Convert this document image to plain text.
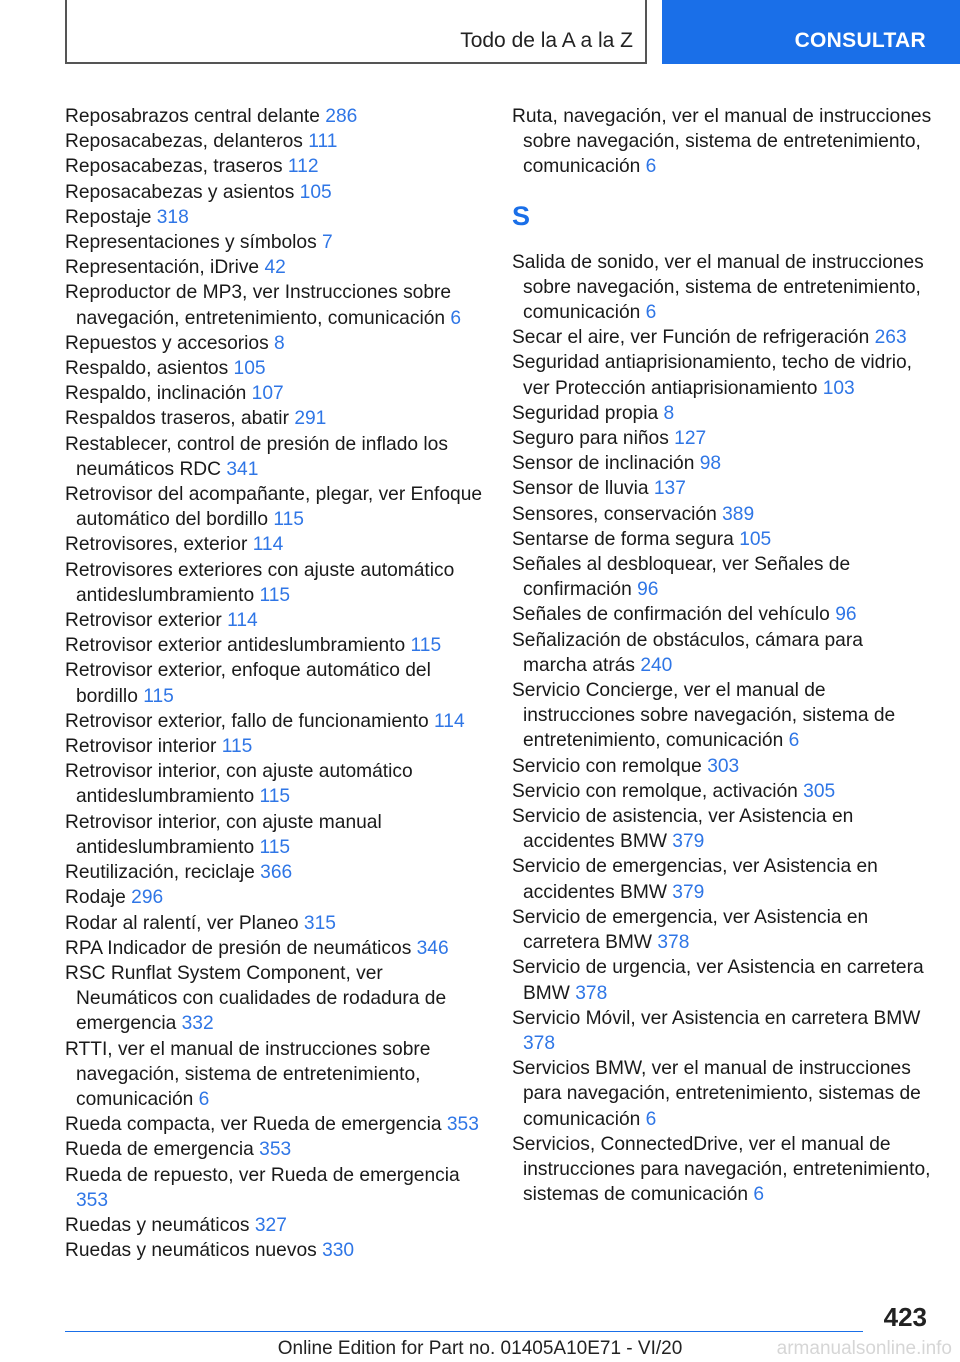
Todo de la A a la Z	CONSULTAR
Reposabrazos central delante 286
Reposacabezas, delanteros 111
Reposacabezas, traseros 112
Reposacabezas y asientos 105
Repostaje 318
Representaciones y símbolos 7
Representación, iDrive 42
Reproductor de MP3, ver Instrucciones sobre navegación, entretenimiento, comunicación 6
Repuestos y accesorios 8
Respaldo, asientos 105
Respaldo, inclinación 107
Respaldos traseros, abatir 291
Restablecer, control de presión de inflado los neumáticos RDC 341
Retrovisor del acompañante, plegar, ver Enfoque automático del bordillo 115
Retrovisores, exterior 114
Retrovisores exteriores con ajuste automático antideslumbramiento 115
Retrovisor exterior 114
Retrovisor exterior antideslumbramiento 115
Retrovisor exterior, enfoque automático del bordillo 115
Retrovisor exterior, fallo de funcionamiento 114
Retrovisor interior 115
Retrovisor interior, con ajuste automático antideslumbramiento 115
Retrovisor interior, con ajuste manual antideslumbramiento 115
Reutilización, reciclaje 366
Rodaje 296
Rodar al ralentí, ver Planeo 315
RPA Indicador de presión de neumáticos 346
RSC Runflat System Component, ver Neumáticos con cualidades de rodadura de emergencia 332
RTTI, ver el manual de instrucciones sobre navegación, sistema de entretenimiento, comunicación 6
Rueda compacta, ver Rueda de emergencia 353
Rueda de emergencia 353
Rueda de repuesto, ver Rueda de emergencia 353
Ruedas y neumáticos 327
Ruedas y neumáticos nuevos 330
Ruta, navegación, ver el manual de instrucciones sobre navegación, sistema de entretenimiento, comunicación 6
S
Salida de sonido, ver el manual de instrucciones sobre navegación, sistema de entretenimiento, comunicación 6
Secar el aire, ver Función de refrigeración 263
Seguridad antiaprisionamiento, techo de vidrio, ver Protección antiaprisionamiento 103
Seguridad propia 8
Seguro para niños 127
Sensor de inclinación 98
Sensor de lluvia 137
Sensores, conservación 389
Sentarse de forma segura 105
Señales al desbloquear, ver Señales de confirmación 96
Señales de confirmación del vehículo 96
Señalización de obstáculos, cámara para marcha atrás 240
Servicio Concierge, ver el manual de instrucciones sobre navegación, sistema de entretenimiento, comunicación 6
Servicio con remolque 303
Servicio con remolque, activación 305
Servicio de asistencia, ver Asistencia en accidentes BMW 379
Servicio de emergencias, ver Asistencia en accidentes BMW 379
Servicio de emergencia, ver Asistencia en carretera BMW 378
Servicio de urgencia, ver Asistencia en carretera BMW 378
Servicio Móvil, ver Asistencia en carretera BMW 378
Servicios BMW, ver el manual de instrucciones para navegación, entretenimiento, sistemas de comunicación 6
Servicios, ConnectedDrive, ver el manual de instrucciones para navegación, entretenimiento, sistemas de comunicación 6
423
Online Edition for Part no. 01405A10E71 - VI/20	armanualsonline.info
